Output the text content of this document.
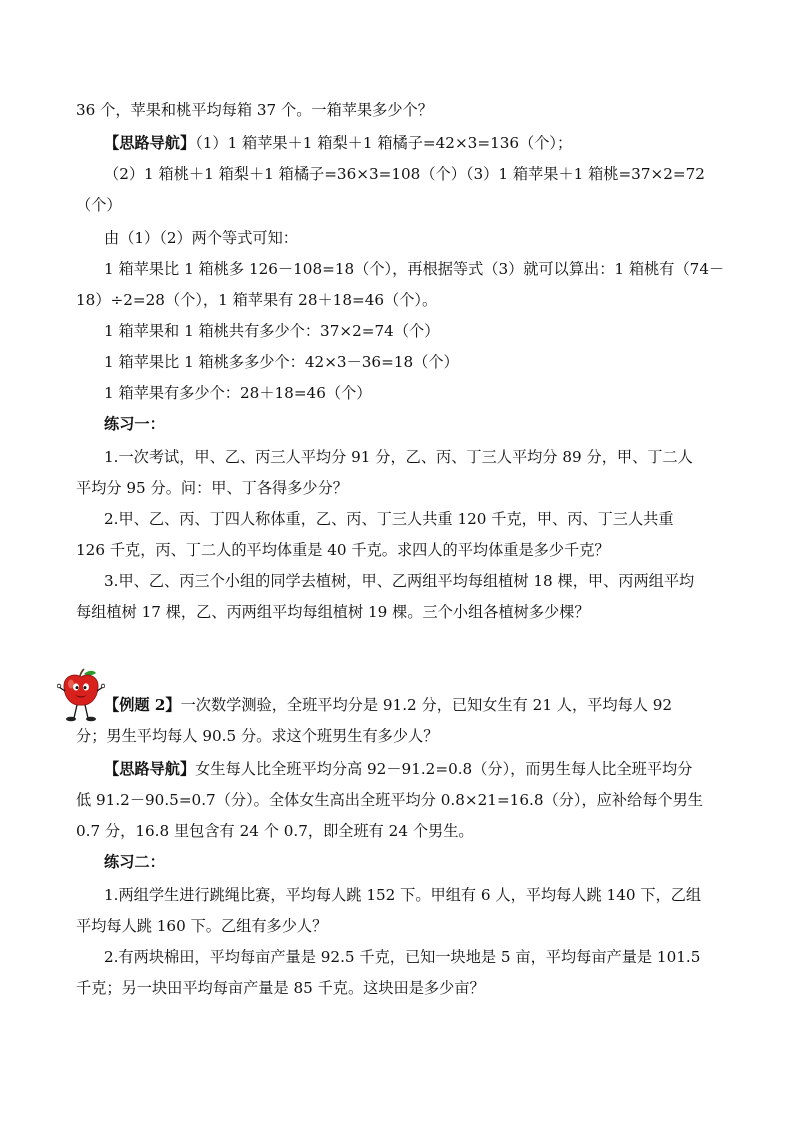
36 个，苹果和桃平均每箱 37 个。一箱苹果多少个？
【思路导航】（1）1 箱苹果＋1 箱梨＋1 箱橘子=42×3=136（个）；
（2）1 箱桃＋1 箱梨＋1 箱橘子=36×3=108（个）（3）1 箱苹果＋1 箱桃=37×2=72
（个）
由（1）（2）两个等式可知：
1 箱苹果比 1 箱桃多 126－108=18（个），再根据等式（3）就可以算出：1 箱桃有（74－
18）÷2=28（个），1 箱苹果有 28＋18=46（个）。
1 箱苹果和 1 箱桃共有多少个：37×2=74（个）
1 箱苹果比 1 箱桃多多少个：42×3－36=18（个）
1 箱苹果有多少个：28＋18=46（个）
练习一：
1.一次考试，甲、乙、丙三人平均分 91 分，乙、丙、丁三人平均分 89 分，甲、丁二人
平均分 95 分。问：甲、丁各得多少分？
2.甲、乙、丙、丁四人称体重，乙、丙、丁三人共重 120 千克，甲、丙、丁三人共重
126 千克，丙、丁二人的平均体重是 40 千克。求四人的平均体重是多少千克？
3.甲、乙、丙三个小组的同学去植树，甲、乙两组平均每组植树 18 棵，甲、丙两组平均
每组植树 17 棵，乙、丙两组平均每组植树 19 棵。三个小组各植树多少棵？
【例题 2】一次数学测验，全班平均分是 91.2 分，已知女生有 21 人，平均每人 92
分；男生平均每人 90.5 分。求这个班男生有多少人？
【思路导航】女生每人比全班平均分高 92－91.2=0.8（分），而男生每人比全班平均分
低 91.2－90.5=0.7（分）。全体女生高出全班平均分 0.8×21=16.8（分），应补给每个男生
0.7 分，16.8 里包含有 24 个 0.7，即全班有 24 个男生。
练习二：
1.两组学生进行跳绳比赛，平均每人跳 152 下。甲组有 6 人，平均每人跳 140 下，乙组
平均每人跳 160 下。乙组有多少人？
2.有两块棉田，平均每亩产量是 92.5 千克，已知一块地是 5 亩，平均每亩产量是 101.5
千克；另一块田平均每亩产量是 85 千克。这块田是多少亩？
